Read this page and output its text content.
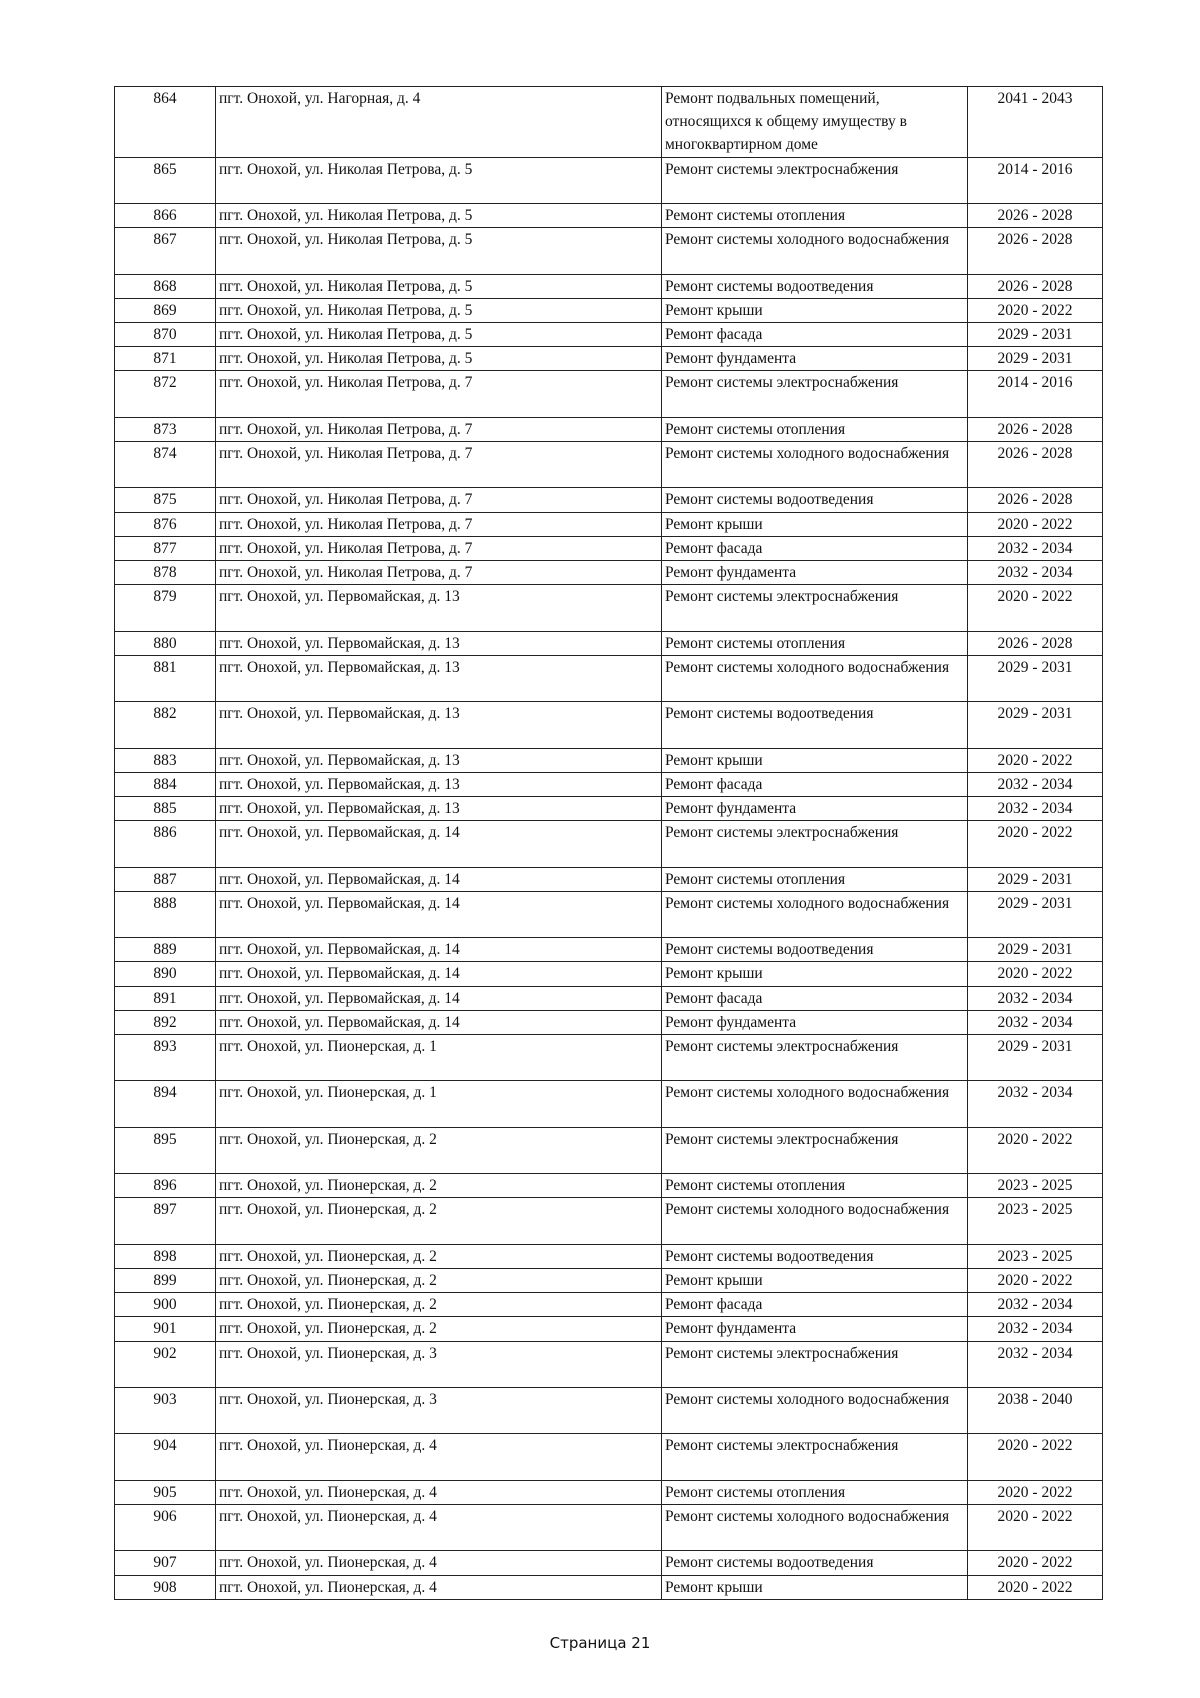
864	пгт. Онохой, ул. Нагорная, д. 4	Ремонт подвальных помещений, относящихся к общему имуществу в многоквартирном доме	2041 - 2043
865	пгт. Онохой, ул. Николая Петрова, д. 5	Ремонт системы электроснабжения	2014 - 2016
866	пгт. Онохой, ул. Николая Петрова, д. 5	Ремонт системы отопления	2026 - 2028
867	пгт. Онохой, ул. Николая Петрова, д. 5	Ремонт системы холодного водоснабжения	2026 - 2028
868	пгт. Онохой, ул. Николая Петрова, д. 5	Ремонт системы водоотведения	2026 - 2028
869	пгт. Онохой, ул. Николая Петрова, д. 5	Ремонт крыши	2020 - 2022
870	пгт. Онохой, ул. Николая Петрова, д. 5	Ремонт фасада	2029 - 2031
871	пгт. Онохой, ул. Николая Петрова, д. 5	Ремонт фундамента	2029 - 2031
872	пгт. Онохой, ул. Николая Петрова, д. 7	Ремонт системы электроснабжения	2014 - 2016
873	пгт. Онохой, ул. Николая Петрова, д. 7	Ремонт системы отопления	2026 - 2028
874	пгт. Онохой, ул. Николая Петрова, д. 7	Ремонт системы холодного водоснабжения	2026 - 2028
875	пгт. Онохой, ул. Николая Петрова, д. 7	Ремонт системы водоотведения	2026 - 2028
876	пгт. Онохой, ул. Николая Петрова, д. 7	Ремонт крыши	2020 - 2022
877	пгт. Онохой, ул. Николая Петрова, д. 7	Ремонт фасада	2032 - 2034
878	пгт. Онохой, ул. Николая Петрова, д. 7	Ремонт фундамента	2032 - 2034
879	пгт. Онохой, ул. Первомайская, д. 13	Ремонт системы электроснабжения	2020 - 2022
880	пгт. Онохой, ул. Первомайская, д. 13	Ремонт системы отопления	2026 - 2028
881	пгт. Онохой, ул. Первомайская, д. 13	Ремонт системы холодного водоснабжения	2029 - 2031
882	пгт. Онохой, ул. Первомайская, д. 13	Ремонт системы водоотведения	2029 - 2031
883	пгт. Онохой, ул. Первомайская, д. 13	Ремонт крыши	2020 - 2022
884	пгт. Онохой, ул. Первомайская, д. 13	Ремонт фасада	2032 - 2034
885	пгт. Онохой, ул. Первомайская, д. 13	Ремонт фундамента	2032 - 2034
886	пгт. Онохой, ул. Первомайская, д. 14	Ремонт системы электроснабжения	2020 - 2022
887	пгт. Онохой, ул. Первомайская, д. 14	Ремонт системы отопления	2029 - 2031
888	пгт. Онохой, ул. Первомайская, д. 14	Ремонт системы холодного водоснабжения	2029 - 2031
889	пгт. Онохой, ул. Первомайская, д. 14	Ремонт системы водоотведения	2029 - 2031
890	пгт. Онохой, ул. Первомайская, д. 14	Ремонт крыши	2020 - 2022
891	пгт. Онохой, ул. Первомайская, д. 14	Ремонт фасада	2032 - 2034
892	пгт. Онохой, ул. Первомайская, д. 14	Ремонт фундамента	2032 - 2034
893	пгт. Онохой, ул. Пионерская, д. 1	Ремонт системы электроснабжения	2029 - 2031
894	пгт. Онохой, ул. Пионерская, д. 1	Ремонт системы холодного водоснабжения	2032 - 2034
895	пгт. Онохой, ул. Пионерская, д. 2	Ремонт системы электроснабжения	2020 - 2022
896	пгт. Онохой, ул. Пионерская, д. 2	Ремонт системы отопления	2023 - 2025
897	пгт. Онохой, ул. Пионерская, д. 2	Ремонт системы холодного водоснабжения	2023 - 2025
898	пгт. Онохой, ул. Пионерская, д. 2	Ремонт системы водоотведения	2023 - 2025
899	пгт. Онохой, ул. Пионерская, д. 2	Ремонт крыши	2020 - 2022
900	пгт. Онохой, ул. Пионерская, д. 2	Ремонт фасада	2032 - 2034
901	пгт. Онохой, ул. Пионерская, д. 2	Ремонт фундамента	2032 - 2034
902	пгт. Онохой, ул. Пионерская, д. 3	Ремонт системы электроснабжения	2032 - 2034
903	пгт. Онохой, ул. Пионерская, д. 3	Ремонт системы холодного водоснабжения	2038 - 2040
904	пгт. Онохой, ул. Пионерская, д. 4	Ремонт системы электроснабжения	2020 - 2022
905	пгт. Онохой, ул. Пионерская, д. 4	Ремонт системы отопления	2020 - 2022
906	пгт. Онохой, ул. Пионерская, д. 4	Ремонт системы холодного водоснабжения	2020 - 2022
907	пгт. Онохой, ул. Пионерская, д. 4	Ремонт системы водоотведения	2020 - 2022
908	пгт. Онохой, ул. Пионерская, д. 4	Ремонт крыши	2020 - 2022
Страница 21
